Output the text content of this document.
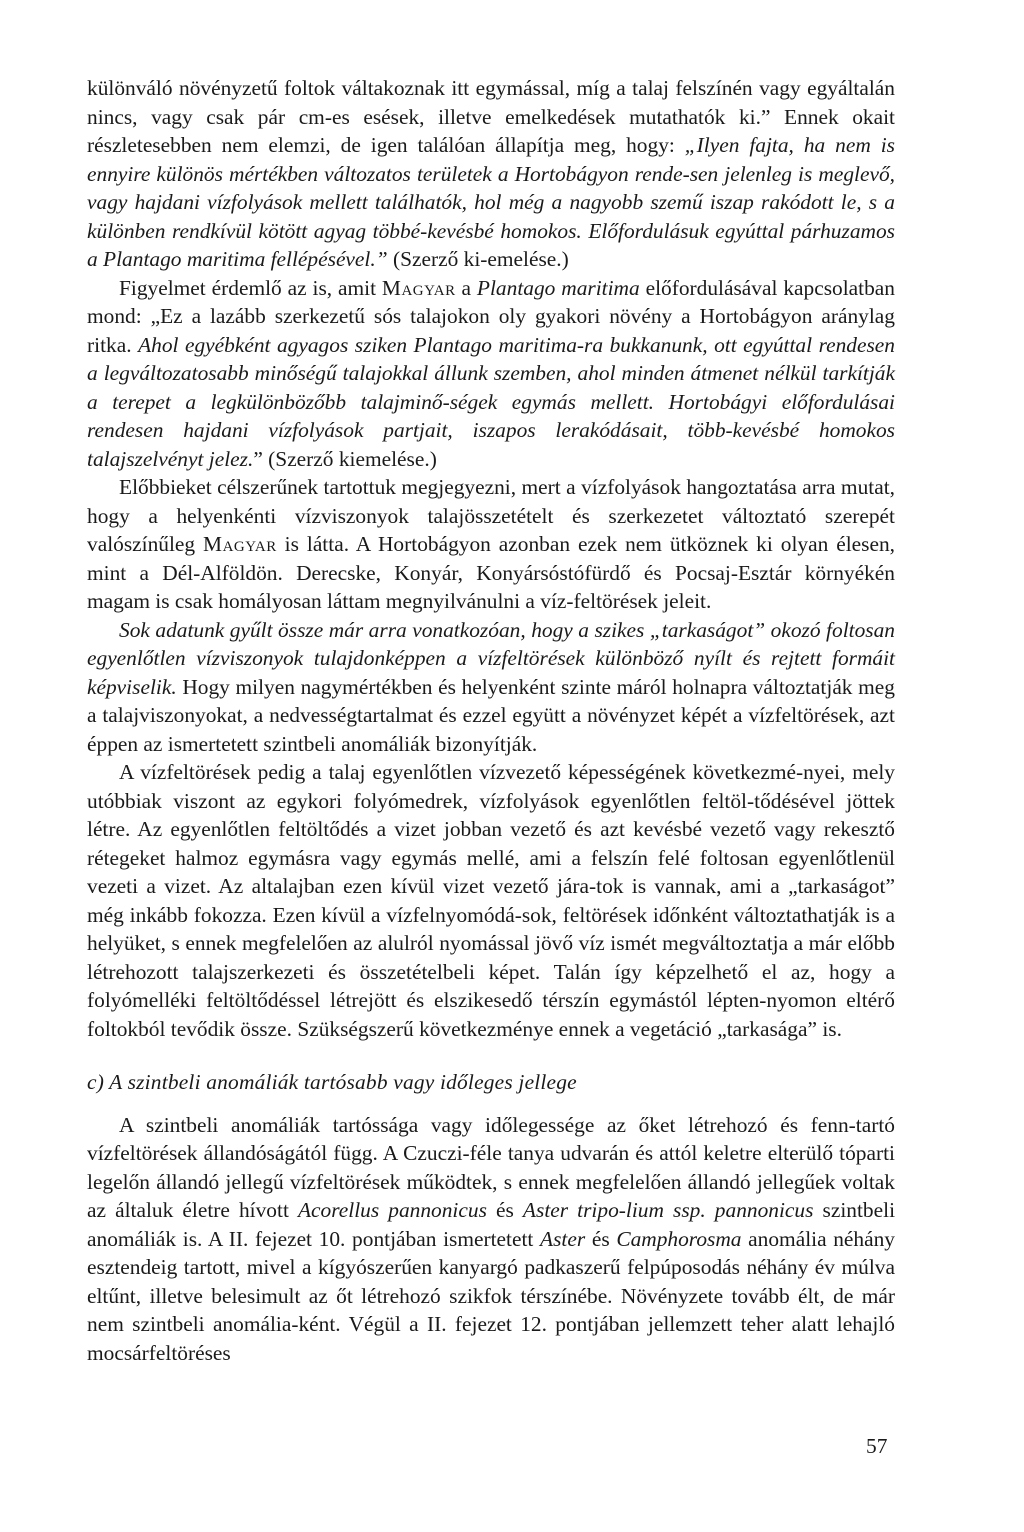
különváló növényzetű foltok váltakoznak itt egymással, míg a talaj felszínén vagy egyáltalán nincs, vagy csak pár cm-es esések, illetve emelkedések mutathatók ki.” Ennek okait részletesebben nem elemzi, de igen találóan állapítja meg, hogy: „Ilyen fajta, ha nem is ennyire különös mértékben változatos területek a Hortobágyon rende-sen jelenleg is meglevő, vagy hajdani vízfolyások mellett találhatók, hol még a nagyobb szemű iszap rakódott le, s a különben rendkívül kötött agyag többé-kevésbé homokos. Előfordulásuk egyúttal párhuzamos a Plantago maritima fellépésével.” (Szerző ki-emelése.)

Figyelmet érdemlő az is, amit Magyar a Plantago maritima előfordulásával kapcsolatban mond: „Ez a lazább szerkezetű sós talajokon oly gyakori növény a Hortobágyon aránylag ritka. Ahol egyébként agyagos sziken Plantago maritima-ra bukkanunk, ott egyúttal rendesen a legváltozatosabb minőségű talajokkal állunk szemben, ahol minden átmenet nélkül tarkítják a terepet a legkülönbözőbb talajminő-ségek egymás mellett. Hortobágyi előfordulásai rendesen hajdani vízfolyások partjait, iszapos lerakódásait, több-kevésbé homokos talajszelvényt jelez.” (Szerző kiemelése.)

Előbbieket célszerűnek tartottuk megjegyezni, mert a vízfolyások hangoztatása arra mutat, hogy a helyenkénti vízviszonyok talajösszetételt és szerkezetet változtató szerepét valószínűleg Magyar is látta. A Hortobágyon azonban ezek nem ütköznek ki olyan élesen, mint a Dél-Alföldön. Derecske, Konyár, Konyársóstófürdő és Pocsaj-Esztár környékén magam is csak homályosan láttam megnyilvánulni a víz-feltörések jeleit.

Sok adatunk gyűlt össze már arra vonatkozóan, hogy a szikes „tarkaságot” okozó foltosan egyenlőtlen vízviszonyok tulajdonképpen a vízfeltörések különböző nyílt és rejtett formáit képviselik. Hogy milyen nagymértékben és helyenként szinte máról holnapra változtatják meg a talajviszonyokat, a nedvességtartalmat és ezzel együtt a növényzet képét a vízfeltörések, azt éppen az ismertetett szintbeli anomáliák bizonyítják.

A vízfeltörések pedig a talaj egyenlőtlen vízvezető képességének következmé-nyei, mely utóbbiak viszont az egykori folyómedrek, vízfolyások egyenlőtlen feltöl-tődésével jöttek létre. Az egyenlőtlen feltöltődés a vizet jobban vezető és azt kevésbé vezető vagy rekesztő rétegeket halmoz egymásra vagy egymás mellé, ami a felszín felé foltosan egyenlőtlenül vezeti a vizet. Az altalajban ezen kívül vizet vezető jára-tok is vannak, ami a „tarkaságot” még inkább fokozza. Ezen kívül a vízfelnyomódá-sok, feltörések időnként változtathatják is a helyüket, s ennek megfelelően az alulról nyomással jövő víz ismét megváltoztatja a már előbb létrehozott talajszerkezeti és összetételbeli képet. Talán így képzelhető el az, hogy a folyómelléki feltöltődéssel létrejött és elszikesedő térszín egymástól lépten-nyomon eltérő foltokból tevődik össze. Szükségszerű következménye ennek a vegetáció „tarkasága” is.

c) A szintbeli anomáliák tartósabb vagy időleges jellege

A szintbeli anomáliák tartóssága vagy időlegessége az őket létrehozó és fenn-tartó vízfeltörések állandóságától függ. A Czuczi-féle tanya udvarán és attól keletre elterülő tóparti legelőn állandó jellegű vízfeltörések működtek, s ennek megfelelően állandó jellegűek voltak az általuk életre hívott Acorellus pannonicus és Aster tripo-lium ssp. pannonicus szintbeli anomáliák is. A II. fejezet 10. pontjában ismertetett Aster és Camphorosma anomália néhány esztendeig tartott, mivel a kígyószerűen kanyargó padkaszerű felpúposodás néhány év múlva eltűnt, illetve belesimult az őt létrehozó szikfok térszínébe. Növényzete tovább élt, de már nem szintbeli anomália-ként. Végül a II. fejezet 12. pontjában jellemzett teher alatt lehajló mocsárfeltöréses

57
